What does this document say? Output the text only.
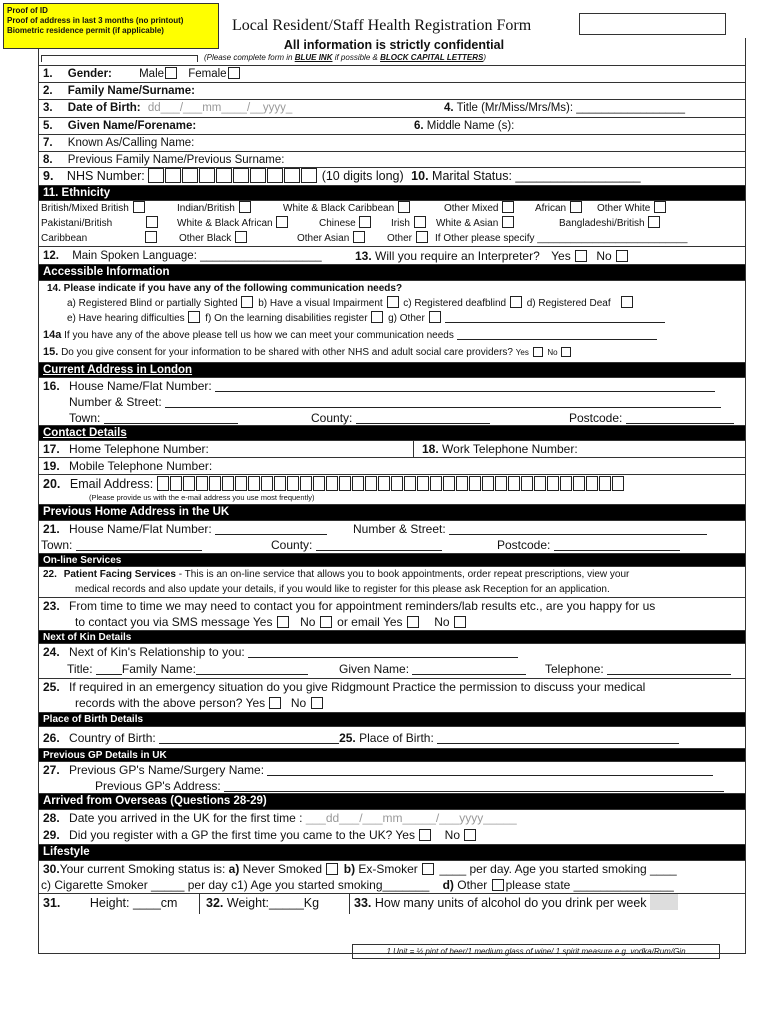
Proof of ID
Proof of address in last 3 months (no printout)
Biometric residence permit (if applicable)	Local Resident/Staff Health Registration Form
All information is strictly confidential
(Please complete form in BLUE INK if possible & BLOCK CAPITAL LETTERS)
1. Gender: Male Female
2. Family Name/Surname:
3. Date of Birth: dd___/___mm____/__yyyy_	4. Title (Mr/Miss/Mrs/Ms): _________________
5. Given Name/Forename:	6. Middle Name (s):
7. Known As/Calling Name:
8. Previous Family Name/Previous Surname:
9. NHS Number:	(10 digits long) 10. Marital Status: __________________
11. Ethnicity
British/Mixed British	Indian/British	White & Black Caribbean	Other Mixed	African	Other White
Pakistani/British	White & Black African	Chinese	Irish	White & Asian	Bangladeshi/British
Caribbean	Other Black	Other Asian	Other	If Other please specify ___________________________
12. Main Spoken Language: ___________________	13. Will you require an Interpreter? Yes No
Accessible Information
14. Please indicate if you have any of the following communication needs?
a) Registered Blind or partially Sighted b) Have a visual Impairment c) Registered deafblind d) Registered Deaf
e) Have hearing difficulties f) On the learning disabilities register g) Other
14a If you have any of the above please tell us how we can meet your communication needs
15. Do you give consent for your information to be shared with other NHS and adult social care providers? Yes No
Current Address in London
16. House Name/Flat Number:
Number & Street:
Town:	County:	Postcode:
Contact Details
17. Home Telephone Number:	18. Work Telephone Number:
19. Mobile Telephone Number:
20. Email Address:
(Please provide us with the e-mail address you use most frequently)
Previous Home Address in the UK
21. House Name/Flat Number:	Number & Street:
Town:	County:	Postcode:
On-line Services
22. Patient Facing Services - This is an on-line service that allows you to book appointments, order repeat prescriptions, view your
medical records and also update your details, if you would like to register for this please ask Reception for an application.
23. From time to time we may need to contact you for appointment reminders/lab results etc., are you happy for us
to contact you via SMS message Yes No or email Yes	No
Next of Kin Details
24. Next of Kin's Relationship to you:
Title: Family Name:	Given Name:	Telephone:
25. If required in an emergency situation do you give Ridgmount Practice the permission to discuss your medical
records with the above person? Yes No
Place of Birth Details
26. Country of Birth:	25. Place of Birth:
Previous GP Details in UK
27. Previous GP's Name/Surgery Name:
Previous GP's Address:
Arrived from Overseas (Questions 28-29)
28. Date you arrived in the UK for the first time : ___dd___/___mm_____/___yyyy_____
29. Did you register with a GP the first time you came to the UK? Yes No
Lifestyle
30.Your current Smoking status is: a) Never Smoked b) Ex-Smoker ____ per day. Age you started smoking ____
c) Cigarette Smoker _____ per day c1) Age you started smoking_______ d) Other please state _______________
31. Height: ____cm	32. Weight:_____Kg	33. How many units of alcohol do you drink per week
1 Unit = ½ pint of beer/1 medium glass of wine/ 1 spirit measure e.g. vodka/Rum/Gin
